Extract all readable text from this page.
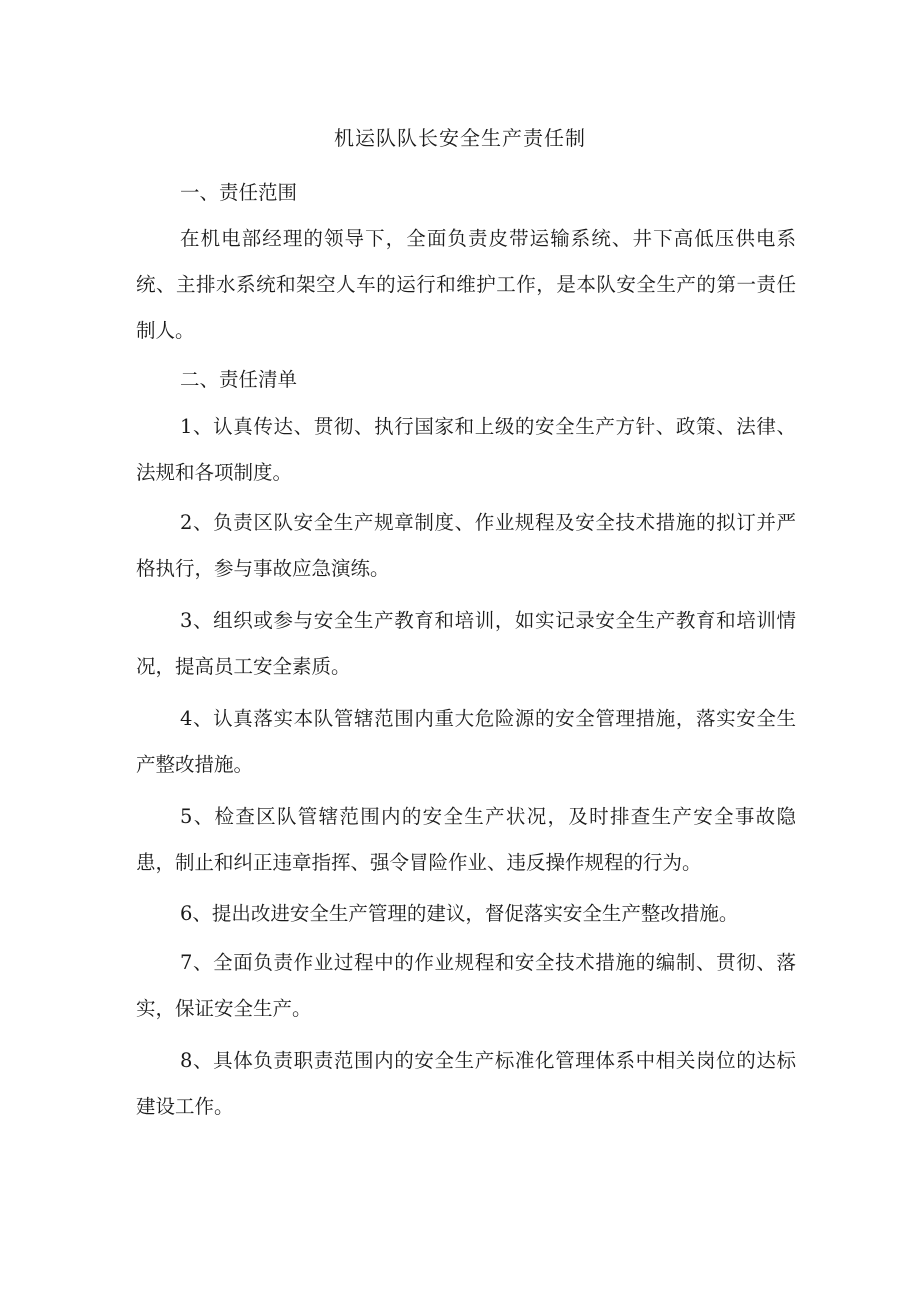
机运队队长安全生产责任制
一、责任范围
在机电部经理的领导下，全面负责皮带运输系统、井下高低压供电系统、主排水系统和架空人车的运行和维护工作，是本队安全生产的第一责任制人。
二、责任清单
1、认真传达、贯彻、执行国家和上级的安全生产方针、政策、法律、法规和各项制度。
2、负责区队安全生产规章制度、作业规程及安全技术措施的拟订并严格执行，参与事故应急演练。
3、组织或参与安全生产教育和培训，如实记录安全生产教育和培训情况，提高员工安全素质。
4、认真落实本队管辖范围内重大危险源的安全管理措施，落实安全生产整改措施。
5、检查区队管辖范围内的安全生产状况，及时排查生产安全事故隐患，制止和纠正违章指挥、强令冒险作业、违反操作规程的行为。
6、提出改进安全生产管理的建议，督促落实安全生产整改措施。
7、全面负责作业过程中的作业规程和安全技术措施的编制、贯彻、落实，保证安全生产。
8、具体负责职责范围内的安全生产标准化管理体系中相关岗位的达标建设工作。
